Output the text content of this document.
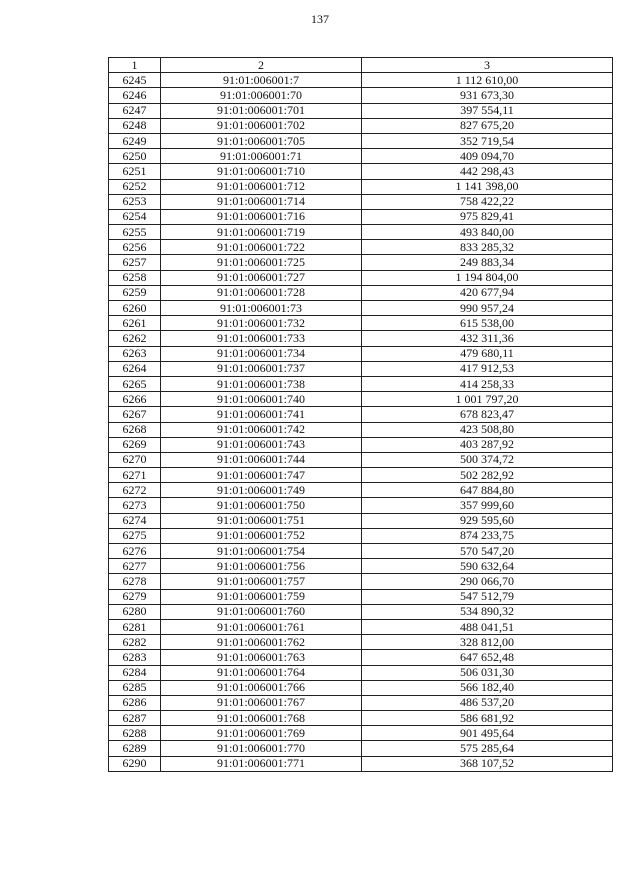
137
1	2	3
6245	91:01:006001:7	1 112 610,00
6246	91:01:006001:70	931 673,30
6247	91:01:006001:701	397 554,11
6248	91:01:006001:702	827 675,20
6249	91:01:006001:705	352 719,54
6250	91:01:006001:71	409 094,70
6251	91:01:006001:710	442 298,43
6252	91:01:006001:712	1 141 398,00
6253	91:01:006001:714	758 422,22
6254	91:01:006001:716	975 829,41
6255	91:01:006001:719	493 840,00
6256	91:01:006001:722	833 285,32
6257	91:01:006001:725	249 883,34
6258	91:01:006001:727	1 194 804,00
6259	91:01:006001:728	420 677,94
6260	91:01:006001:73	990 957,24
6261	91:01:006001:732	615 538,00
6262	91:01:006001:733	432 311,36
6263	91:01:006001:734	479 680,11
6264	91:01:006001:737	417 912,53
6265	91:01:006001:738	414 258,33
6266	91:01:006001:740	1 001 797,20
6267	91:01:006001:741	678 823,47
6268	91:01:006001:742	423 508,80
6269	91:01:006001:743	403 287,92
6270	91:01:006001:744	500 374,72
6271	91:01:006001:747	502 282,92
6272	91:01:006001:749	647 884,80
6273	91:01:006001:750	357 999,60
6274	91:01:006001:751	929 595,60
6275	91:01:006001:752	874 233,75
6276	91:01:006001:754	570 547,20
6277	91:01:006001:756	590 632,64
6278	91:01:006001:757	290 066,70
6279	91:01:006001:759	547 512,79
6280	91:01:006001:760	534 890,32
6281	91:01:006001:761	488 041,51
6282	91:01:006001:762	328 812,00
6283	91:01:006001:763	647 652,48
6284	91:01:006001:764	506 031,30
6285	91:01:006001:766	566 182,40
6286	91:01:006001:767	486 537,20
6287	91:01:006001:768	586 681,92
6288	91:01:006001:769	901 495,64
6289	91:01:006001:770	575 285,64
6290	91:01:006001:771	368 107,52
